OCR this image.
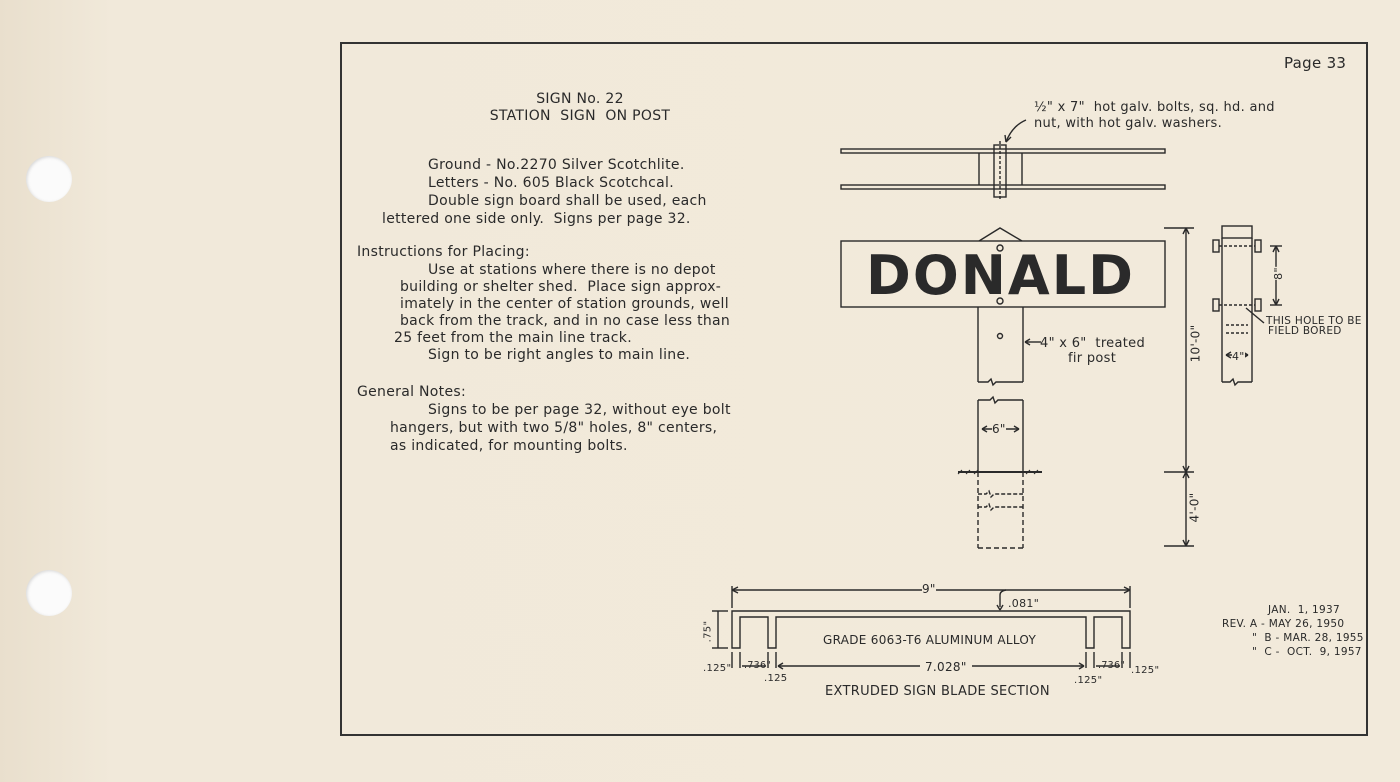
Page 33
SIGN No. 22
STATION  SIGN  ON POST
Ground - No.2270 Silver Scotchlite.
Letters - No. 605 Black Scotchcal.
Double sign board shall be used, each
lettered one side only.  Signs per page 32.
Instructions for Placing:
Use at stations where there is no depot
building or shelter shed.  Place sign approx-
imately in the center of station grounds, well
back from the track, and in no case less than
25 feet from the main line track.
Sign to be right angles to main line.
General Notes:
Signs to be per page 32, without eye bolt
hangers, but with two 5/8" holes, 8" centers,
as indicated, for mounting bolts.
½" x 7"  hot galv. bolts, sq. hd. and
nut, with hot galv. washers.
DONALD
4" x 6"  treated
fir post
6"
10'-0"
4'-0"
8"
4"
THIS HOLE TO BE
FIELD BORED
9"
.081"
.75"	GRADE 6063-T6 ALUMINUM ALLOY
7.028"
.125" .736"
.125	.125"
.736" .125"
EXTRUDED SIGN BLADE SECTION
JAN.  1, 1937
REV. A - MAY 26, 1950
"  B - MAR. 28, 1955
"  C -  OCT.  9, 1957
